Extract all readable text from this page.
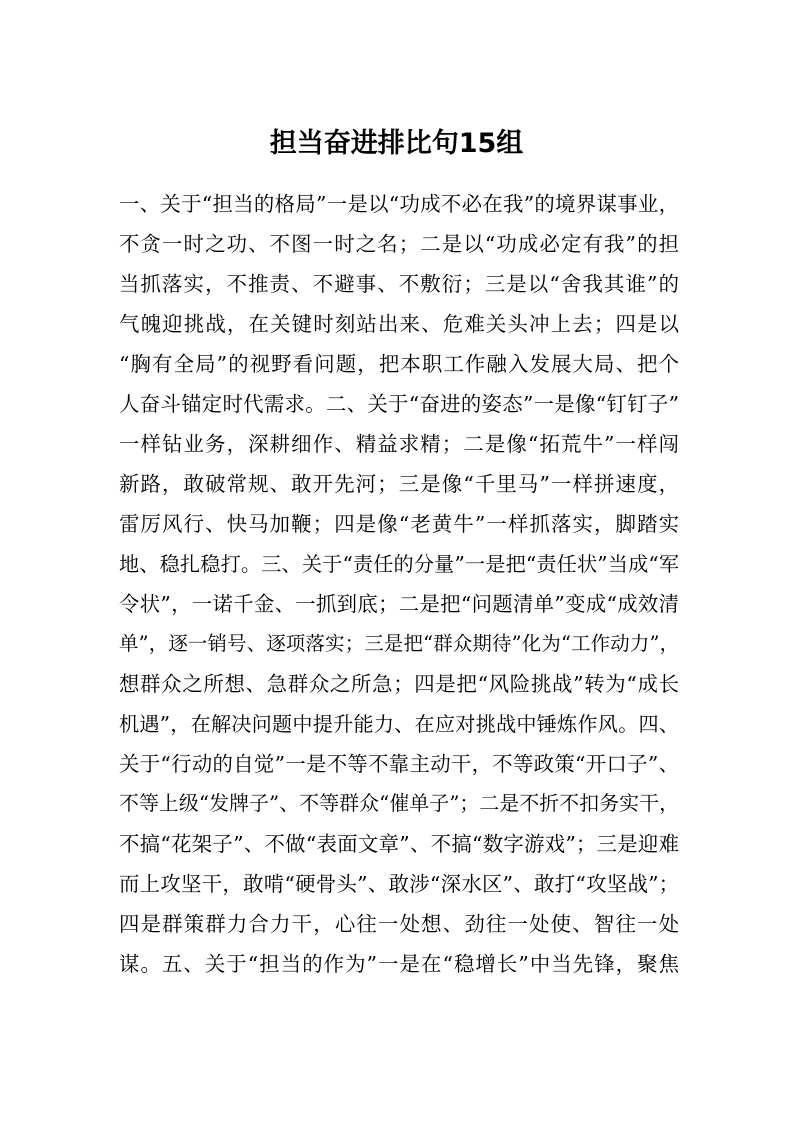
担当奋进排比句15组
一、关于“担当的格局”一是以“功成不必在我”的境界谋事业，
不贪一时之功、不图一时之名；二是以“功成必定有我”的担
当抓落实，不推责、不避事、不敷衍；三是以“舍我其谁”的
气魄迎挑战，在关键时刻站出来、危难关头冲上去；四是以
“胸有全局”的视野看问题，把本职工作融入发展大局、把个
人奋斗锚定时代需求。二、关于“奋进的姿态”一是像“钉钉子”
一样钻业务，深耕细作、精益求精；二是像“拓荒牛”一样闯
新路，敢破常规、敢开先河；三是像“千里马”一样拼速度，
雷厉风行、快马加鞭；四是像“老黄牛”一样抓落实，脚踏实
地、稳扎稳打。三、关于“责任的分量”一是把“责任状”当成“军
令状”，一诺千金、一抓到底；二是把“问题清单”变成“成效清
单”，逐一销号、逐项落实；三是把“群众期待”化为“工作动力”，
想群众之所想、急群众之所急；四是把“风险挑战”转为“成长
机遇”，在解决问题中提升能力、在应对挑战中锤炼作风。四、
关于“行动的自觉”一是不等不靠主动干，不等政策“开口子”、
不等上级“发牌子”、不等群众“催单子”；二是不折不扣务实干，
不搞“花架子”、不做“表面文章”、不搞“数字游戏”；三是迎难
而上攻坚干，敢啃“硬骨头”、敢涉“深水区”、敢打“攻坚战”；
四是群策群力合力干，心往一处想、劲往一处使、智往一处
谋。五、关于“担当的作为”一是在“稳增长”中当先锋，聚焦
